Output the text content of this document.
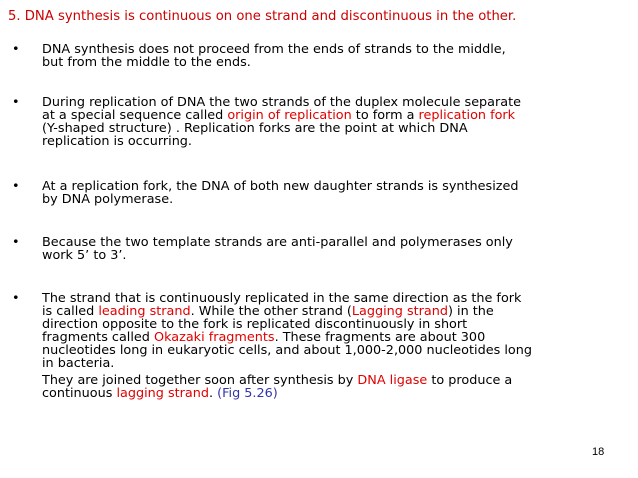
5. DNA synthesis is continuous on one strand and discontinuous in the other.
•	DNA synthesis does not proceed from the ends of strands to the middle,
but from the middle to the ends.
•	During replication of DNA the two strands of the duplex molecule separate
at a special sequence called origin of replication to form a replication fork
(Y-shaped structure) . Replication forks are the point at which DNA
replication is occurring.
•	At a replication fork, the DNA of both new daughter strands is synthesized
by DNA polymerase.
•	Because the two template strands are anti-parallel and polymerases only
work 5’ to 3’.
•	The strand that is continuously replicated in the same direction as the fork
is called leading strand. While the other strand (Lagging strand) in the
direction opposite to the fork is replicated discontinuously in short
fragments called Okazaki fragments. These fragments are about 300
nucleotides long in eukaryotic cells, and about 1,000-2,000 nucleotides long
in bacteria.
They are joined together soon after synthesis by DNA ligase to produce a
continuous lagging strand. (Fig 5.26)
18
